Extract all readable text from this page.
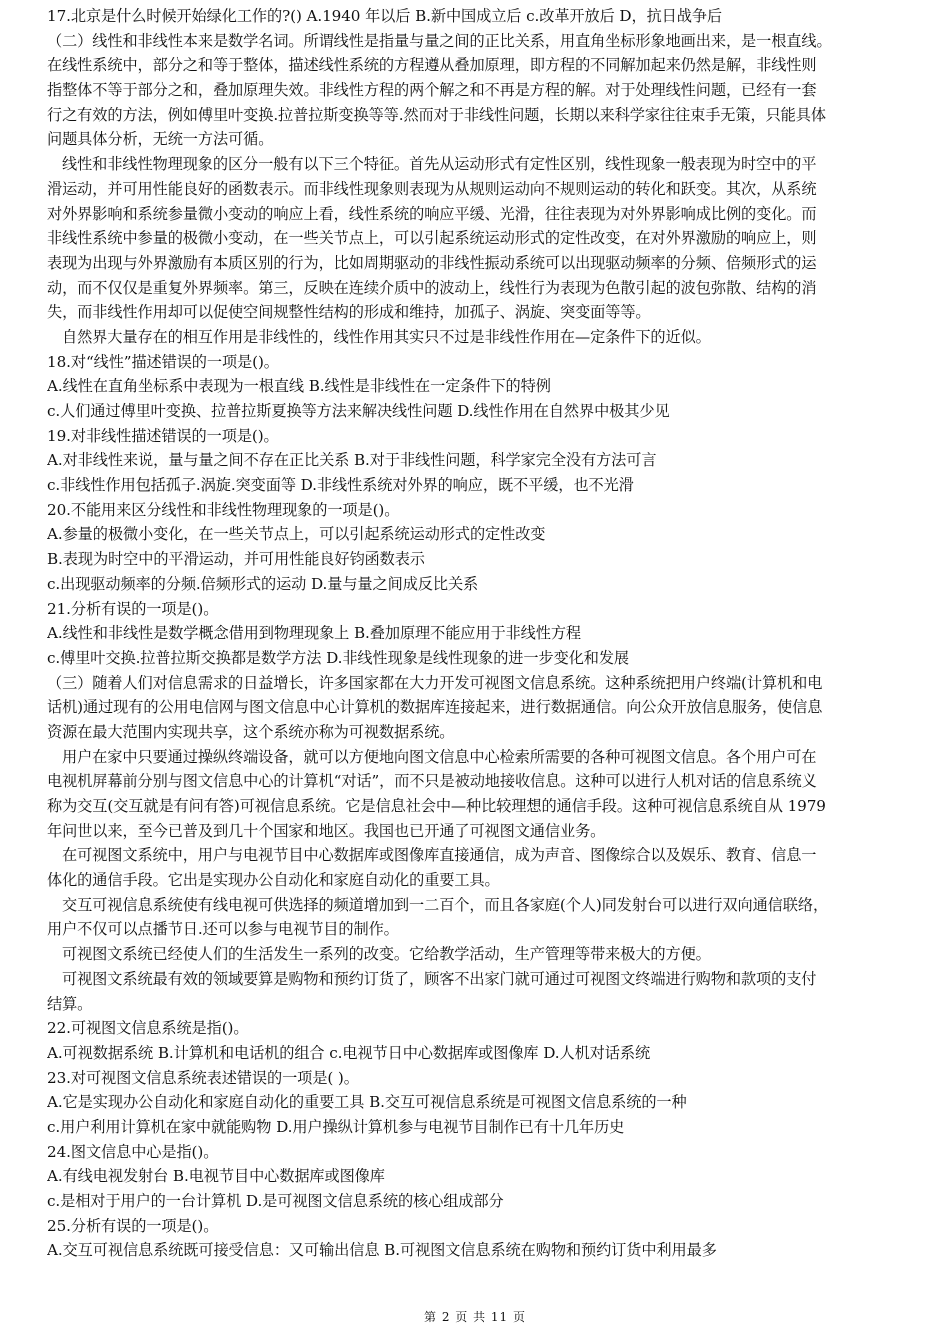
17.北京是什么时候开始绿化工作的?() A.1940 年以后 B.新中国成立后 c.改革开放后 D，抗日战争后
（二）线性和非线性本来是数学名词。所谓线性是指量与量之间的正比关系，用直角坐标形象地画出来，是一根直线。
在线性系统中，部分之和等于整体，描述线性系统的方程遵从叠加原理，即方程的不同解加起来仍然是解，非线性则
指整体不等于部分之和，叠加原理失效。非线性方程的两个解之和不再是方程的解。对于处理线性问题，已经有一套
行之有效的方法，例如傅里叶变换.拉普拉斯变换等等.然而对于非线性问题，长期以来科学家往往束手无策，只能具体
问题具体分析，无统一方法可循。
线性和非线性物理现象的区分一般有以下三个特征。首先从运动形式有定性区别，线性现象一般表现为时空中的平
滑运动，并可用性能良好的函数表示。而非线性现象则表现为从规则运动向不规则运动的转化和跃变。其次，从系统
对外界影响和系统参量微小变动的响应上看，线性系统的响应平缓、光滑，往往表现为对外界影响成比例的变化。而
非线性系统中参量的极微小变动，在一些关节点上，可以引起系统运动形式的定性改变，在对外界激励的响应上，则
表现为出现与外界激励有本质区别的行为，比如周期驱动的非线性振动系统可以出现驱动频率的分频、倍频形式的运
动，而不仅仅是重复外界频率。第三，反映在连续介质中的波动上，线性行为表现为色散引起的波包弥散、结构的消
失，而非线性作用却可以促使空间规整性结构的形成和维持，加孤子、涡旋、突变面等等。
自然界大量存在的相互作用是非线性的，线性作用其实只不过是非线性作用在—定条件下的近似。
18.对“线性”描述错误的一项是()。
A.线性在直角坐标系中表现为一根直线 B.线性是非线性在一定条件下的特例
c.人们通过傅里叶变换、拉普拉斯夏换等方法来解决线性问题 D.线性作用在自然界中极其少见
19.对非线性描述错误的一项是()。
A.对非线性来说，量与量之间不存在正比关系 B.对于非线性问题，科学家完全没有方法可言
c.非线性作用包括孤子.涡旋.突变面等 D.非线性系统对外界的响应，既不平缓，也不光滑
20.不能用来区分线性和非线性物理现象的一项是()。
A.参量的极微小变化，在一些关节点上，可以引起系统运动形式的定性改变
B.表现为时空中的平滑运动，并可用性能良好钧函数表示
c.出现驱动频率的分频.倍频形式的运动 D.量与量之间成反比关系
21.分析有误的一项是()。
A.线性和非线性是数学概念借用到物理现象上 B.叠加原理不能应用于非线性方程
c.傅里叶交换.拉普拉斯交换都是数学方法 D.非线性现象是线性现象的进一步变化和发展
（三）随着人们对信息需求的日益增长，许多国家都在大力开发可视图文信息系统。这种系统把用户终端(计算机和电
话机)通过现有的公用电信网与图文信息中心计算机的数据库连接起来，进行数据通信。向公众开放信息服务，使信息
资源在最大范围内实现共享，这个系统亦称为可视数据系统。
用户在家中只要通过操纵终端设备，就可以方便地向图文信息中心检索所需要的各种可视图文信息。各个用户可在
电视机屏幕前分别与图文信息中心的计算机“对话”，而不只是被动地接收信息。这种可以进行人机对话的信息系统义
称为交互(交互就是有问有答)可视信息系统。它是信息社会中—种比较理想的通信手段。这种可视信息系统自从 1979
年问世以来，至今已普及到几十个国家和地区。我国也已开通了可视图文通信业务。
在可视图文系统中，用户与电视节目中心数据库或图像库直接通信，成为声音、图像综合以及娱乐、教育、信息一
体化的通信手段。它出是实现办公自动化和家庭自动化的重要工具。
交互可视信息系统使有线电视可供选择的频道增加到一二百个，而且各家庭(个人)同发射台可以进行双向通信联络，
用户不仅可以点播节日.还可以参与电视节目的制作。
可视图文系统已经使人们的生活发生一系列的改变。它给教学活动，生产管理等带来极大的方便。
可视图文系统最有效的领域要算是购物和预约订货了，顾客不出家门就可通过可视图文终端进行购物和款项的支付
结算。
22.可视图文信息系统是指()。
A.可视数据系统 B.计算机和电话机的组合 c.电视节日中心数据库或图像库 D.人机对话系统
23.对可视图文信息系统表述错误的一项是( )。
A.它是实现办公自动化和家庭自动化的重要工具 B.交互可视信息系统是可视图文信息系统的一种
c.用户利用计算机在家中就能购物 D.用户操纵计算机参与电视节目制作已有十几年历史
24.图文信息中心是指()。
A.有线电视发射台 B.电视节目中心数据库或图像库
c.是相对于用户的一台计算机 D.是可视图文信息系统的核心组成部分
25.分析有误的一项是()。
A.交互可视信息系统既可接受信息：又可输出信息 B.可视图文信息系统在购物和预约订货中利用最多
第 2 页 共 11 页
